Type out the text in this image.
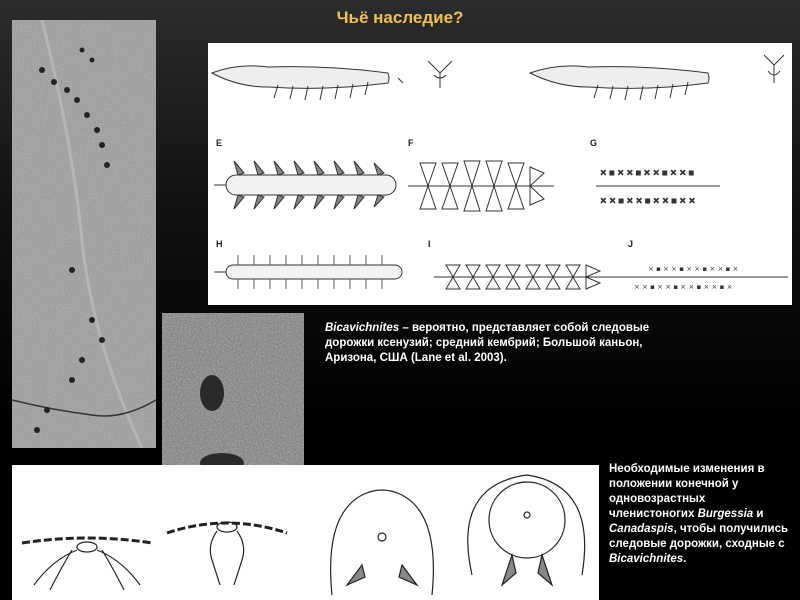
Чьё наследие?
× ▪ × × ▪ × × ▪ × × ▪
× × ▪ × × ▪ × × ▪ × ×
× ▪ × × ▪ × × ▪ × × ▪ ×
× × ▪ × × ▪ × × ▪ × × ▪ ×
E	F	G
H	I	J
Bicavichnites – вероятно, представляет собой следовые дорожки ксенузий; средний кембрий; Большой каньон, Аризона, США (Lane et al. 2003).
Необходимые изменения в положении конечной у одновозрастных членистоногих Burgessia и Canadaspis, чтобы получились следовые дорожки, сходные с Bicavichnites.
